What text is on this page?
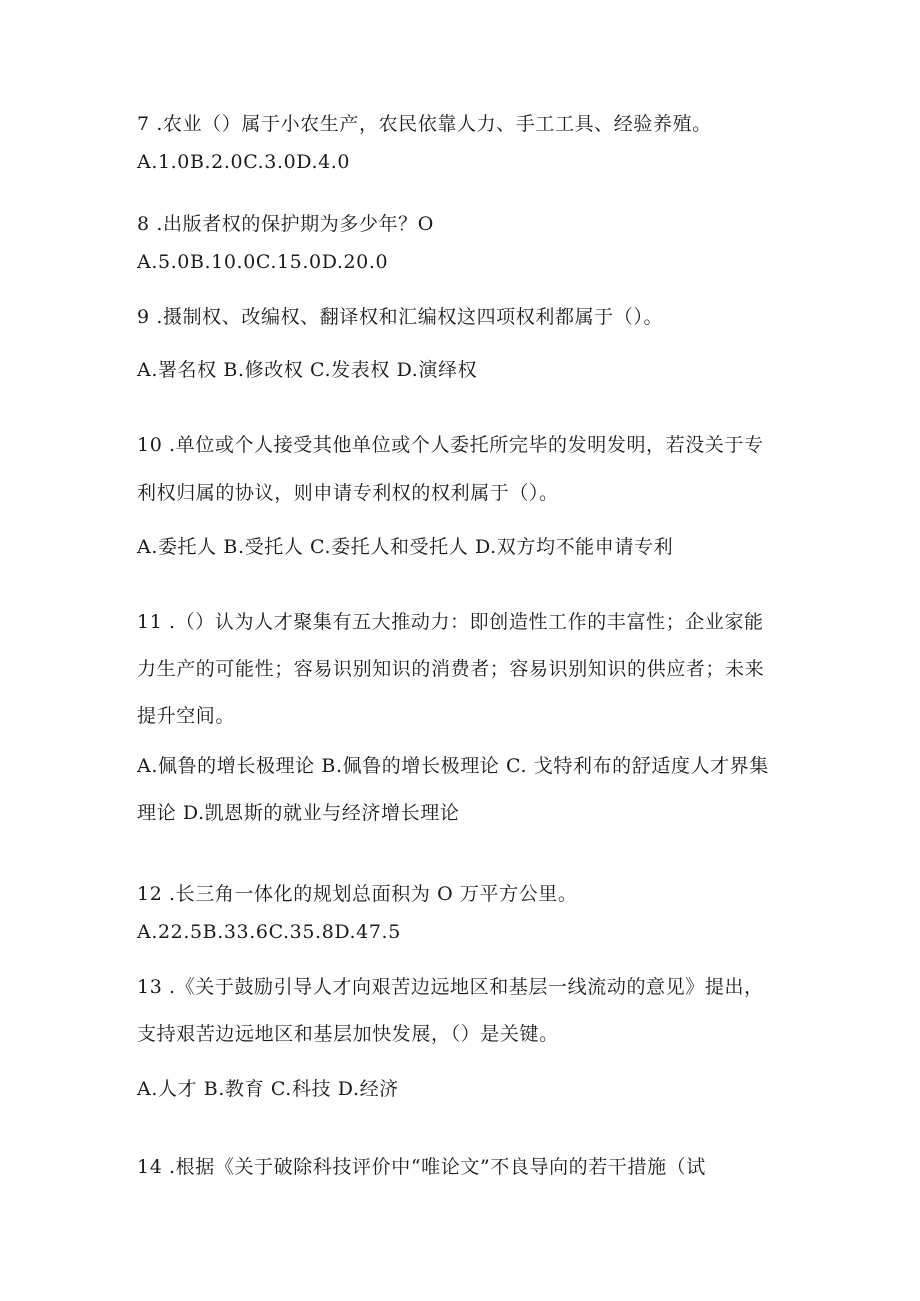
7 .农业（）属于小农生产，农民依靠人力、手工工具、经验养殖。
A.1.0B.2.0C.3.0D.4.0
8 .出版者权的保护期为多少年？O
A.5.0B.10.0C.15.0D.20.0
9 .摄制权、改编权、翻译权和汇编权这四项权利都属于（）。
A.署名权 B.修改权 C.发表权 D.演绎权
10 .单位或个人接受其他单位或个人委托所完毕的发明发明，若没关于专
利权归属的协议，则申请专利权的权利属于（）。
A.委托人 B.受托人 C.委托人和受托人 D.双方均不能申请专利
11 .（）认为人才聚集有五大推动力：即创造性工作的丰富性；企业家能
力生产的可能性；容易识别知识的消费者；容易识别知识的供应者；未来
提升空间。
A.佩鲁的增长极理论 B.佩鲁的增长极理论 C. 戈特利布的舒适度人才界集
理论 D.凯恩斯的就业与经济增长理论
12 .长三角一体化的规划总面积为 O 万平方公里。
A.22.5B.33.6C.35.8D.47.5
13 .《关于鼓励引导人才向艰苦边远地区和基层一线流动的意见》提出，
支持艰苦边远地区和基层加快发展，（）是关键。
A.人才 B.教育 C.科技 D.经济
14 .根据《关于破除科技评价中“唯论文”不良导向的若干措施（试
